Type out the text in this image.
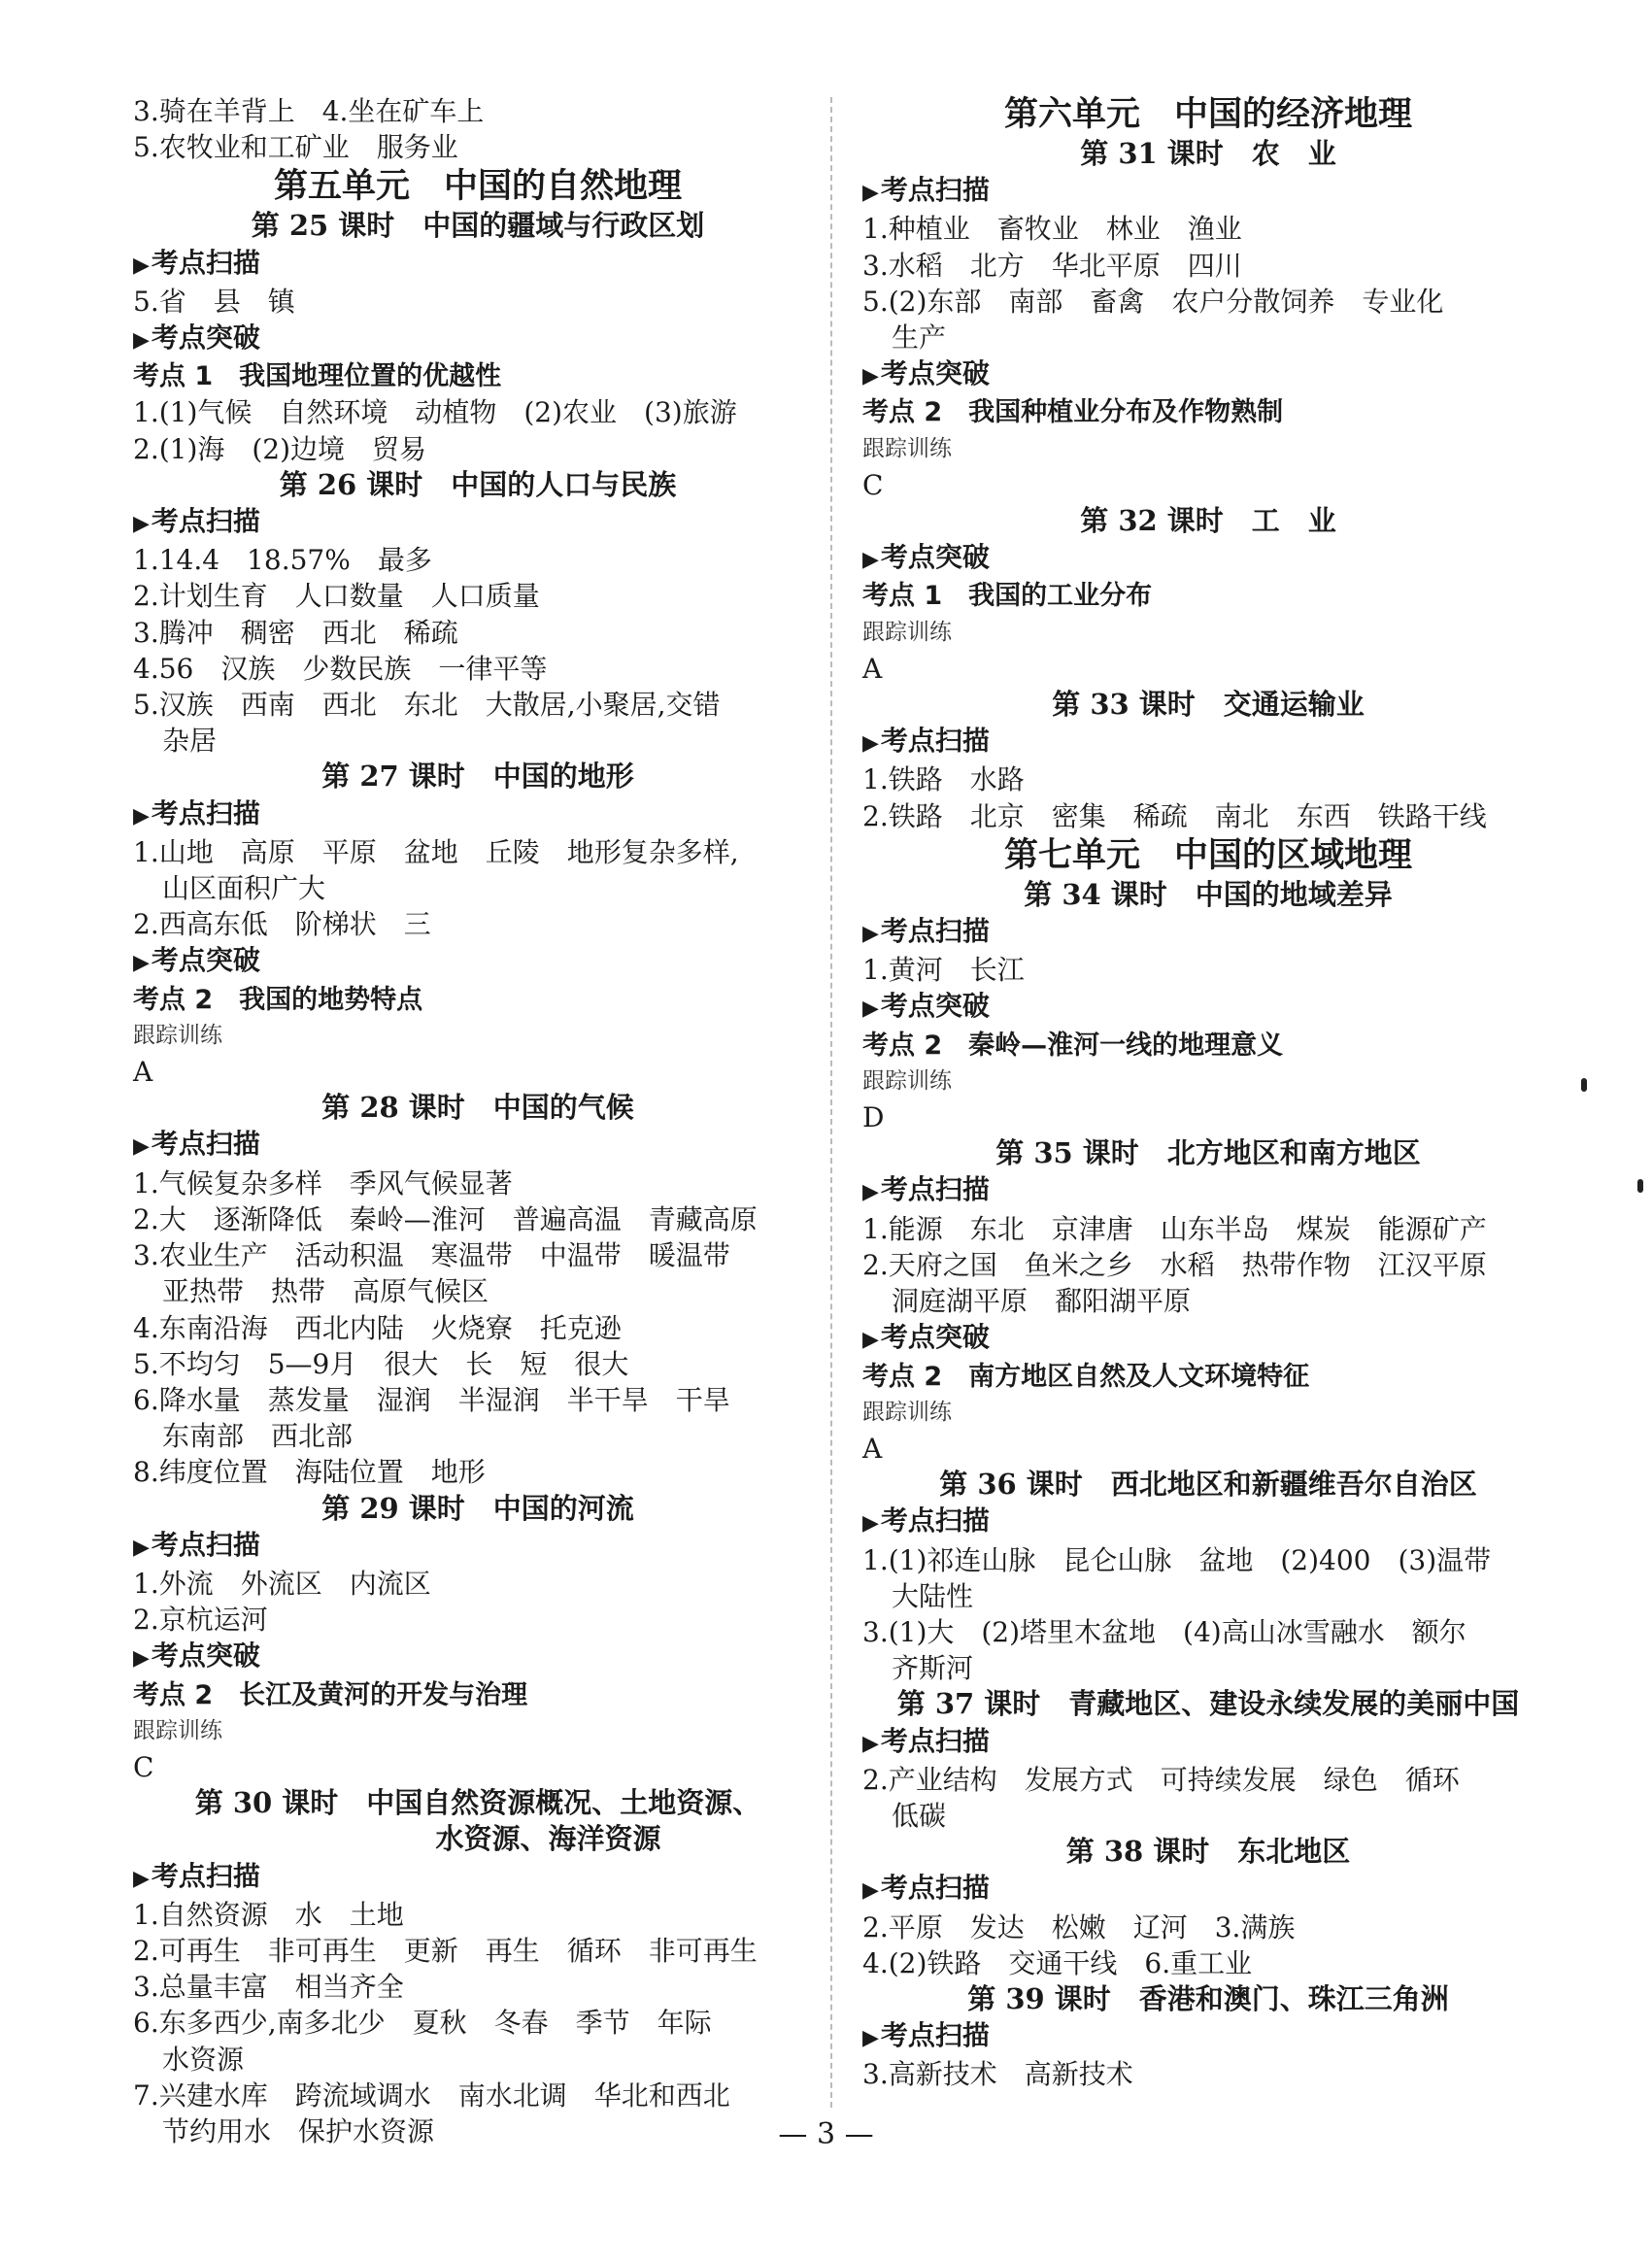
3.骑在羊背上　4.坐在矿车上
5.农牧业和工矿业　服务业
第五单元　中国的自然地理
第 25 课时　中国的疆域与行政区划
▶ 考点扫描
5.省　县　镇
▶ 考点突破
考点 1　我国地理位置的优越性
1.(1)气候　自然环境　动植物　(2)农业　(3)旅游
2.(1)海　(2)边境　贸易
第 26 课时　中国的人口与民族
▶ 考点扫描
1.14.4　18.57%　最多
2.计划生育　人口数量　人口质量
3.腾冲　稠密　西北　稀疏
4.56　汉族　少数民族　一律平等
5.汉族　西南　西北　东北　大散居,小聚居,交错
杂居
第 27 课时　中国的地形
▶ 考点扫描
1.山地　高原　平原　盆地　丘陵　地形复杂多样,
山区面积广大
2.西高东低　阶梯状　三
▶ 考点突破
考点 2　我国的地势特点
跟踪训练
A
第 28 课时　中国的气候
▶ 考点扫描
1.气候复杂多样　季风气候显著
2.大　逐渐降低　秦岭—淮河　普遍高温　青藏高原
3.农业生产　活动积温　寒温带　中温带　暖温带
亚热带　热带　高原气候区
4.东南沿海　西北内陆　火烧寮　托克逊
5.不均匀　5—9月　很大　长　短　很大
6.降水量　蒸发量　湿润　半湿润　半干旱　干旱
东南部　西北部
8.纬度位置　海陆位置　地形
第 29 课时　中国的河流
▶ 考点扫描
1.外流　外流区　内流区
2.京杭运河
▶ 考点突破
考点 2　长江及黄河的开发与治理
跟踪训练
C
第 30 课时　中国自然资源概况、土地资源、
　　　　　水资源、海洋资源
▶ 考点扫描
1.自然资源　水　土地
2.可再生　非可再生　更新　再生　循环　非可再生
3.总量丰富　相当齐全
6.东多西少,南多北少　夏秋　冬春　季节　年际
水资源
7.兴建水库　跨流域调水　南水北调　华北和西北
节约用水　保护水资源
第六单元　中国的经济地理
第 31 课时　农　业
▶ 考点扫描
1.种植业　畜牧业　林业　渔业
3.水稻　北方　华北平原　四川
5.(2)东部　南部　畜禽　农户分散饲养　专业化
生产
▶ 考点突破
考点 2　我国种植业分布及作物熟制
跟踪训练
C
第 32 课时　工　业
▶ 考点突破
考点 1　我国的工业分布
跟踪训练
A
第 33 课时　交通运输业
▶ 考点扫描
1.铁路　水路
2.铁路　北京　密集　稀疏　南北　东西　铁路干线
第七单元　中国的区域地理
第 34 课时　中国的地域差异
▶ 考点扫描
1.黄河　长江
▶ 考点突破
考点 2　秦岭—淮河一线的地理意义
跟踪训练
D
第 35 课时　北方地区和南方地区
▶ 考点扫描
1.能源　东北　京津唐　山东半岛　煤炭　能源矿产
2.天府之国　鱼米之乡　水稻　热带作物　江汉平原
洞庭湖平原　鄱阳湖平原
▶ 考点突破
考点 2　南方地区自然及人文环境特征
跟踪训练
A
第 36 课时　西北地区和新疆维吾尔自治区
▶ 考点扫描
1.(1)祁连山脉　昆仑山脉　盆地　(2)400　(3)温带
大陆性
3.(1)大　(2)塔里木盆地　(4)高山冰雪融水　额尔
齐斯河
第 37 课时　青藏地区、建设永续发展的美丽中国
▶ 考点扫描
2.产业结构　发展方式　可持续发展　绿色　循环
低碳
第 38 课时　东北地区
▶ 考点扫描
2.平原　发达　松嫩　辽河　3.满族
4.(2)铁路　交通干线　6.重工业
第 39 课时　香港和澳门、珠江三角洲
▶ 考点扫描
3.高新技术　高新技术
— 3 —
